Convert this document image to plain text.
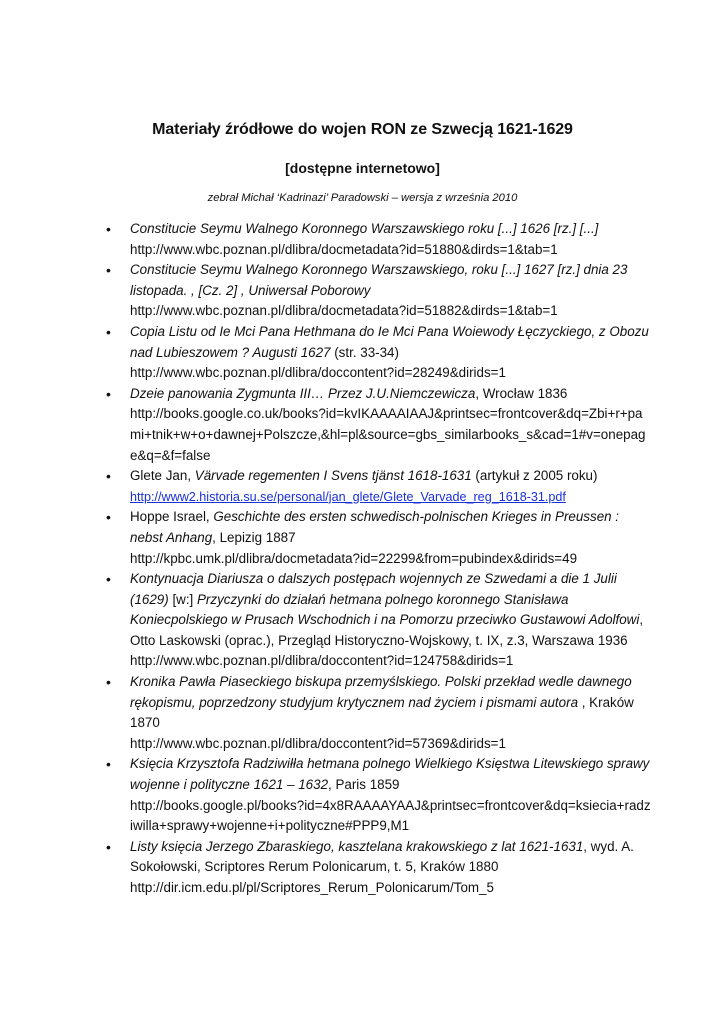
Materiały źródłowe do wojen RON ze Szwecją 1621-1629
[dostępne internetowo]
zebrał Michał ‘Kadrinazi’ Paradowski – wersja z września 2010
• Constitucie Seymu Walnego Koronnego Warszawskiego roku [...] 1626 [rz.] [...]
http://www.wbc.poznan.pl/dlibra/docmetadata?id=51880&dirds=1&tab=1
• Constitucie Seymu Walnego Koronnego Warszawskiego, roku [...] 1627 [rz.] dnia 23 listopada. , [Cz. 2] , Uniwersał Poborowy
http://www.wbc.poznan.pl/dlibra/docmetadata?id=51882&dirds=1&tab=1
• Copia Listu od Ie Mci Pana Hethmana do Ie Mci Pana Woiewody Łęczyckiego, z Obozu nad Lubieszowem ? Augusti 1627 (str. 33-34)
http://www.wbc.poznan.pl/dlibra/doccontent?id=28249&dirids=1
• Dzeie panowania Zygmunta III… Przez J.U.Niemczewicza, Wrocław 1836
http://books.google.co.uk/books?id=kvIKAAAAIAAJ&printsec=frontcover&dq=Zbi+r+pami+tnik+w+o+dawnej+Polszcze,&hl=pl&source=gbs_similarbooks_s&cad=1#v=onepage&q=&f=false
• Glete Jan, Värvade regementen I Svens tjänst 1618-1631 (artykuł z 2005 roku)
http://www2.historia.su.se/personal/jan_glete/Glete_Varvade_reg_1618-31.pdf
• Hoppe Israel, Geschichte des ersten schwedisch-polnischen Krieges in Preussen : nebst Anhang, Lepizig 1887
http://kpbc.umk.pl/dlibra/docmetadata?id=22299&from=pubindex&dirids=49
• Kontynuacja Diariusza o dalszych postępach wojennych ze Szwedami a die 1 Julii (1629) [w:] Przyczynki do działań hetmana polnego koronnego Stanisława Koniecpolskiego w Prusach Wschodnich i na Pomorzu przeciwko Gustawowi Adolfowi, Otto Laskowski (oprac.), Przegląd Historyczno-Wojskowy, t. IX, z.3, Warszawa 1936
http://www.wbc.poznan.pl/dlibra/doccontent?id=124758&dirids=1
• Kronika Pawła Piaseckiego biskupa przemyślskiego. Polski przekład wedle dawnego rękopismu, poprzedzony studyjum krytycznem nad życiem i pismami autora , Kraków 1870
http://www.wbc.poznan.pl/dlibra/doccontent?id=57369&dirids=1
• Księcia Krzysztofa Radziwiłła hetmana polnego Wielkiego Księstwa Litewskiego sprawy wojenne i polityczne 1621 – 1632, Paris 1859
http://books.google.pl/books?id=4x8RAAAAYAAJ&printsec=frontcover&dq=ksiecia+radziwilla+sprawy+wojenne+i+polityczne#PPP9,M1
• Listy księcia Jerzego Zbaraskiego, kasztelana krakowskiego z lat 1621-1631, wyd. A. Sokołowski, Scriptores Rerum Polonicarum, t. 5, Kraków 1880
http://dir.icm.edu.pl/pl/Scriptores_Rerum_Polonicarum/Tom_5
